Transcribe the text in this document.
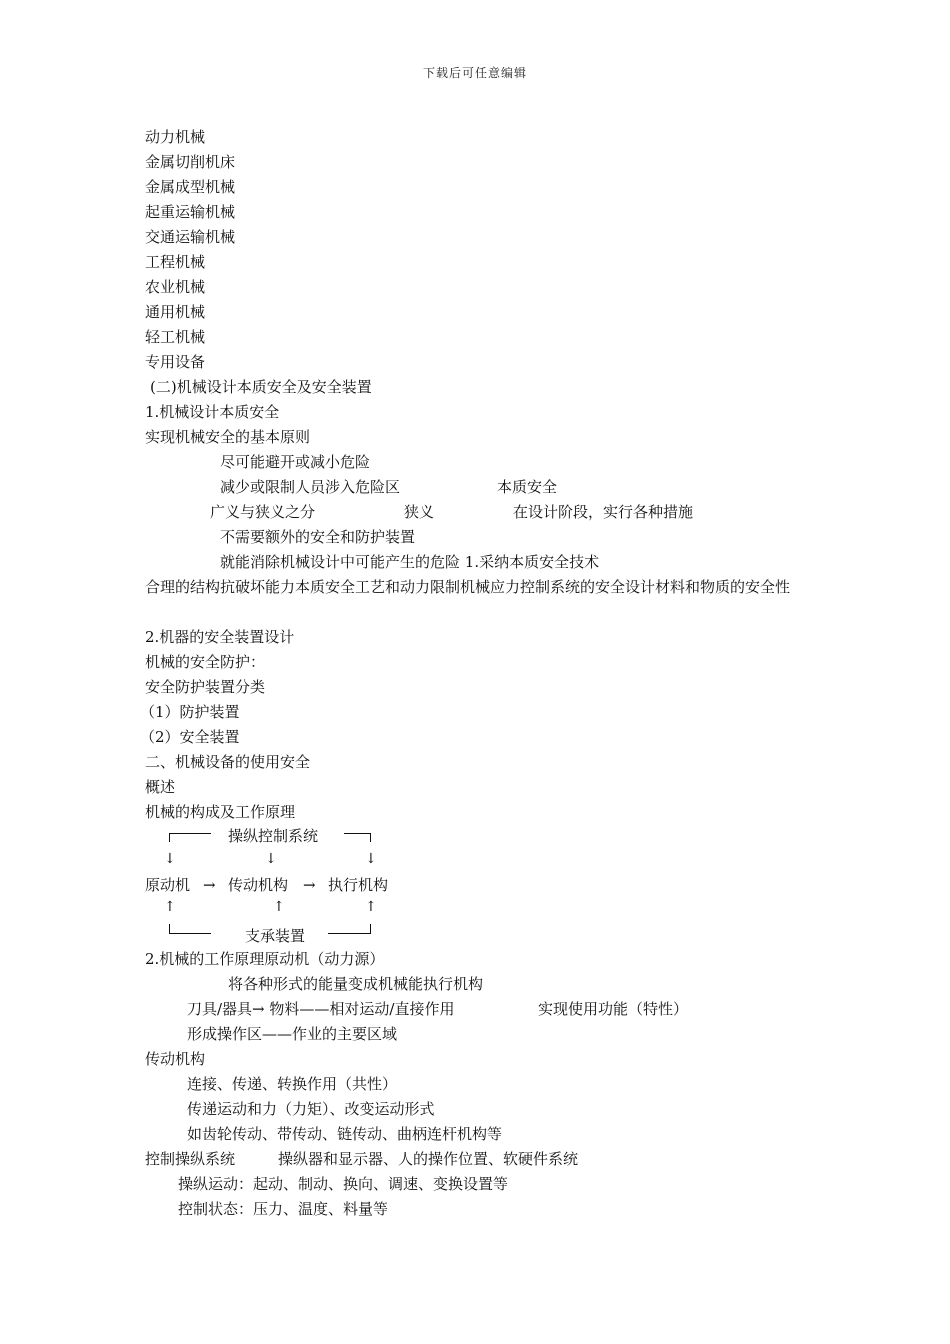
下载后可任意编辑
动力机械
金属切削机床
金属成型机械
起重运输机械
交通运输机械
工程机械
农业机械
通用机械
轻工机械
专用设备
(二)机械设计本质安全及安全装置
1.机械设计本质安全
实现机械安全的基本原则
尽可能避开或减小危险
减少或限制人员涉入危险区	本质安全
广义与狭义之分	狭义	在设计阶段，实行各种措施
不需要额外的安全和防护装置
就能消除机械设计中可能产生的危险 1.采纳本质安全技术
合理的结构抗破坏能力本质安全工艺和动力限制机械应力控制系统的安全设计材料和物质的安全性
2.机器的安全装置设计
机械的安全防护：
安全防护装置分类
（1）防护装置
（2）安全装置
二、机械设备的使用安全
概述
机械的构成及工作原理
操纵控制系统
↓	↓	↓
原动机 → 传动机构 → 执行机构
↑	↑	↑
支承装置
2.机械的工作原理原动机（动力源）
将各种形式的能量变成机械能执行机构
刀具/器具→ 物料——相对运动/直接作用	实现使用功能（特性）
形成操作区——作业的主要区域
传动机构
连接、传递、转换作用（共性）
传递运动和力（力矩）、改变运动形式
如齿轮传动、带传动、链传动、曲柄连杆机构等
控制操纵系统	操纵器和显示器、人的操作位置、软硬件系统
操纵运动：起动、制动、换向、调速、变换设置等
控制状态：压力、温度、料量等
